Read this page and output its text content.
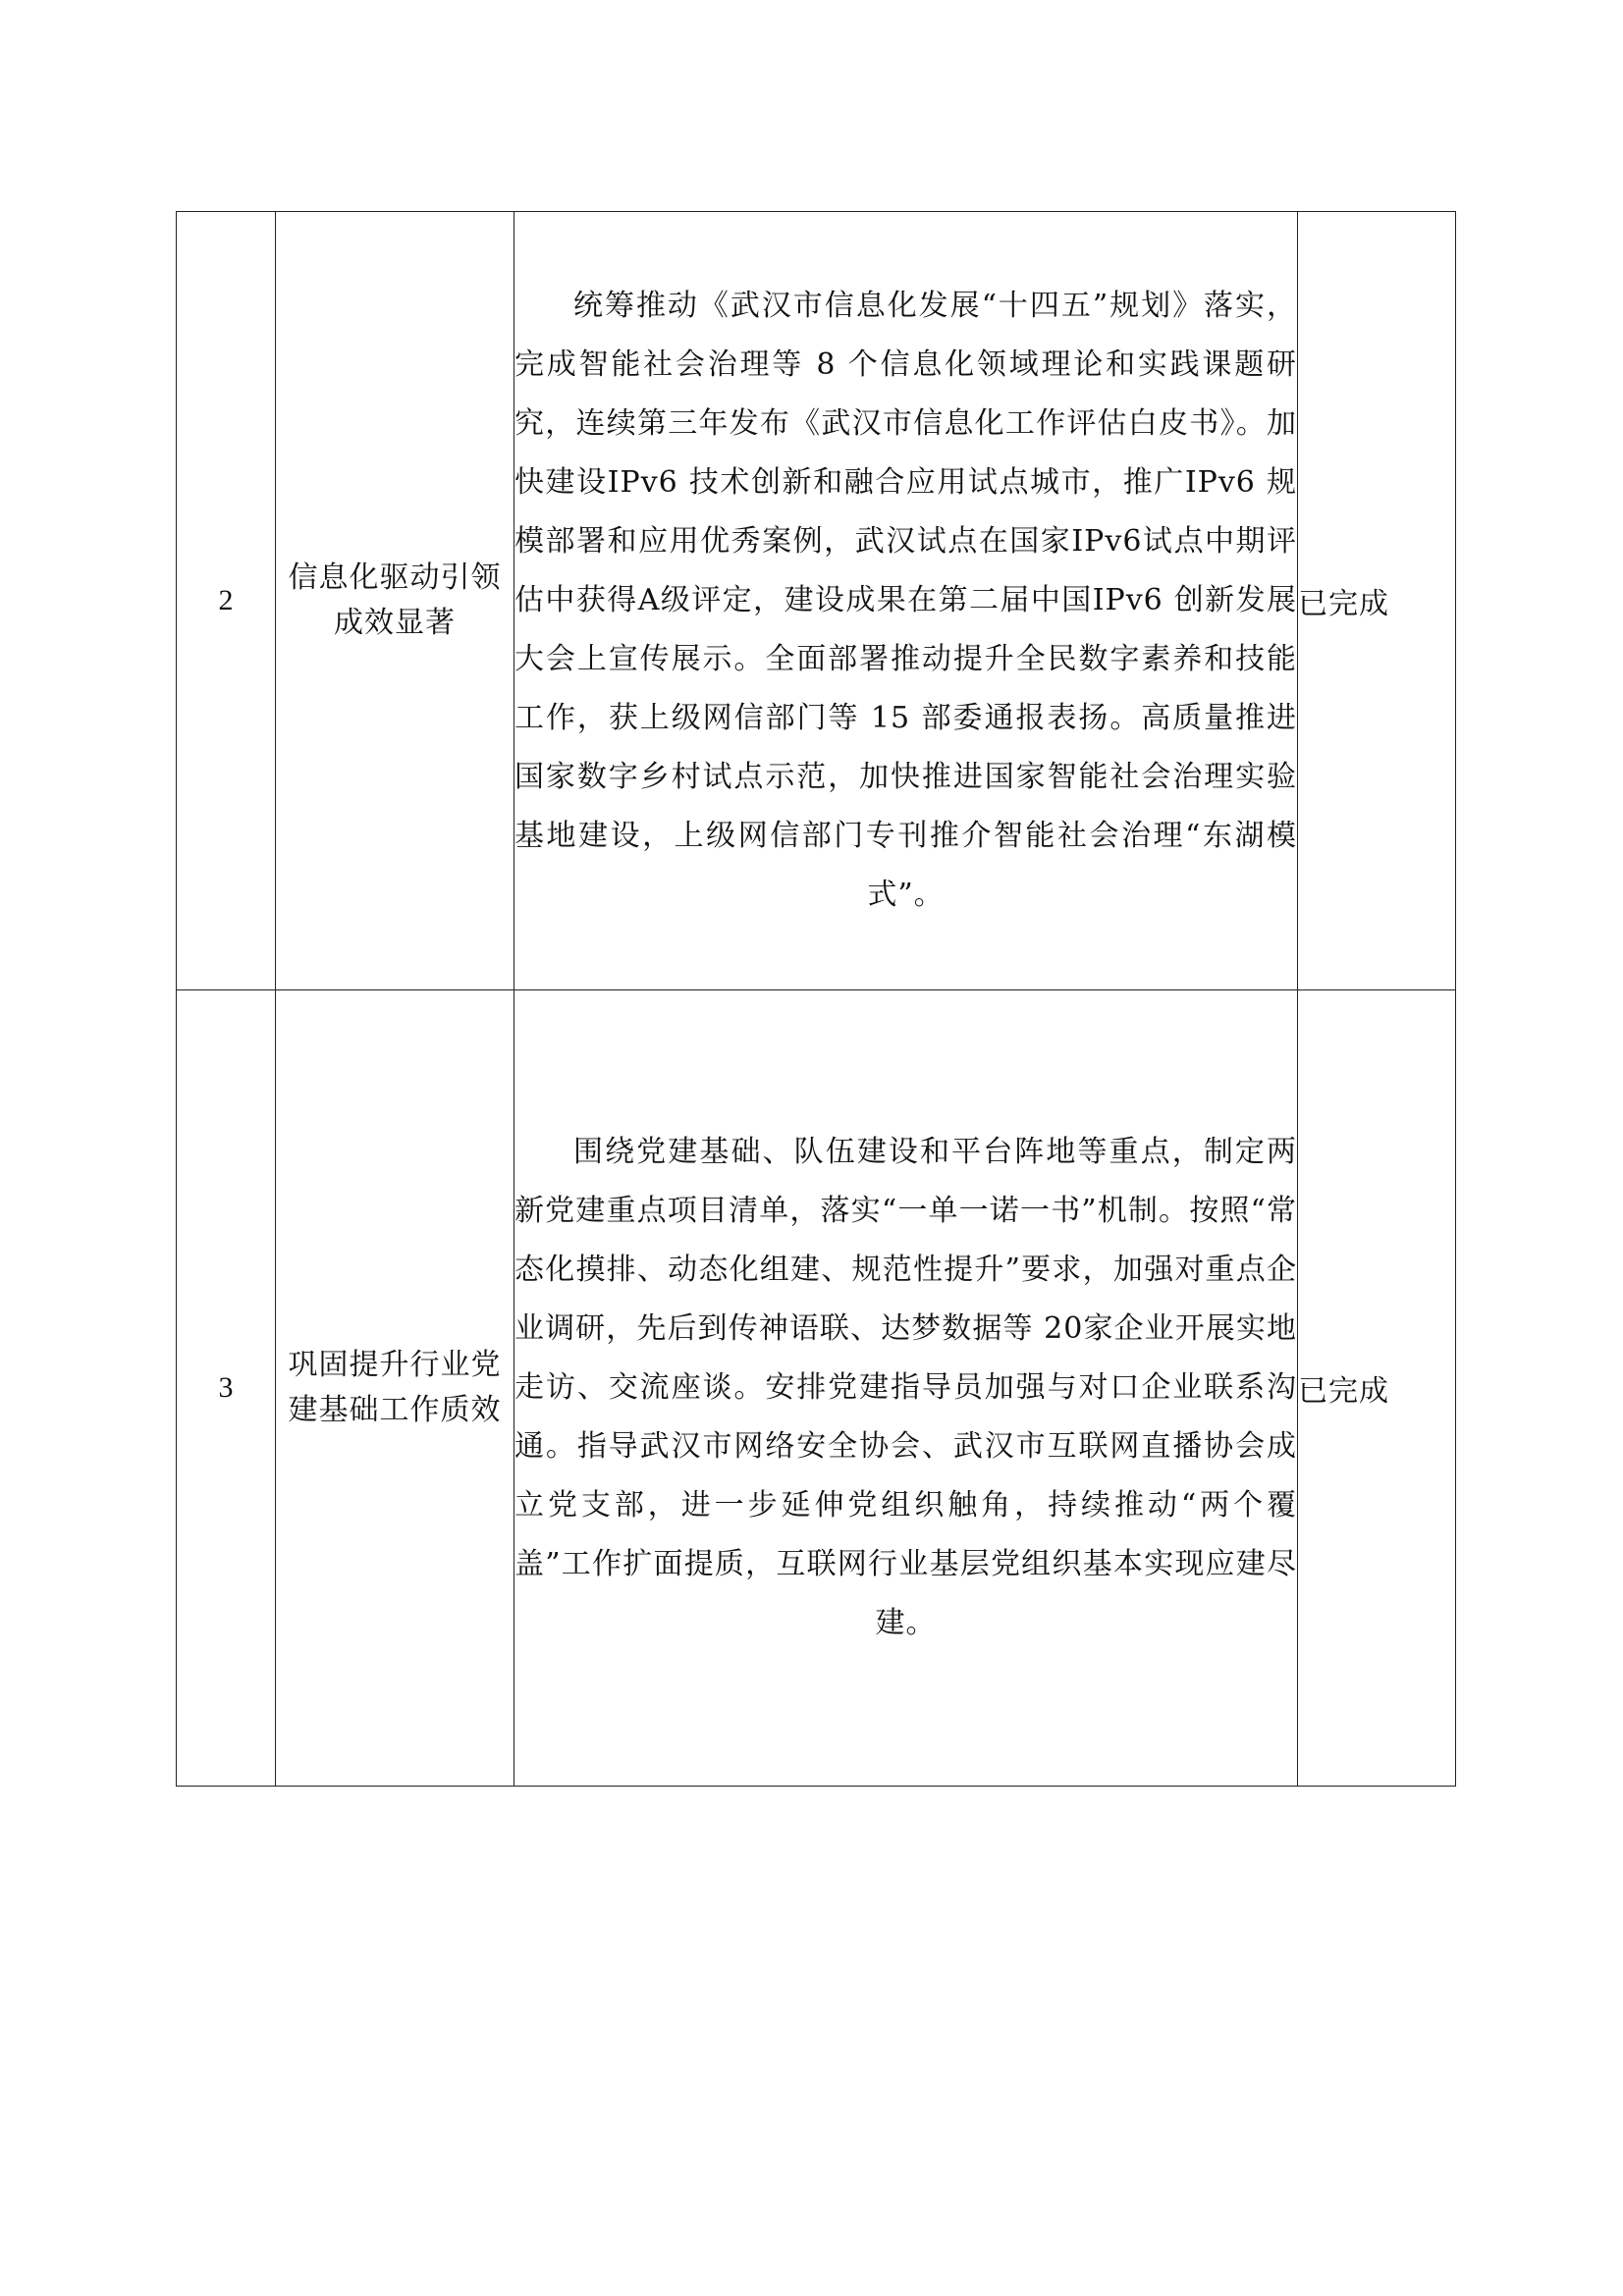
2	信息化驱动引领成效显著	统筹推动《武汉市信息化发展“十四五”规划》落实，完成智能社会治理等 8 个信息化领域理论和实践课题研究，连续第三年发布《武汉市信息化工作评估白皮书》。加快建设IPv6 技术创新和融合应用试点城市，推广IPv6 规模部署和应用优秀案例，武汉试点在国家IPv6试点中期评估中获得A级评定，建设成果在第二届中国IPv6 创新发展大会上宣传展示。全面部署推动提升全民数字素养和技能工作，获上级网信部门等 15 部委通报表扬。高质量推进国家数字乡村试点示范，加快推进国家智能社会治理实验基地建设，上级网信部门专刊推介智能社会治理“东湖模式”。	已完成
3	巩固提升行业党建基础工作质效	围绕党建基础、队伍建设和平台阵地等重点，制定两新党建重点项目清单，落实“一单一诺一书”机制。按照“常态化摸排、动态化组建、规范性提升”要求，加强对重点企业调研，先后到传神语联、达梦数据等 20家企业开展实地走访、交流座谈。安排党建指导员加强与对口企业联系沟通。指导武汉市网络安全协会、武汉市互联网直播协会成立党支部，进一步延伸党组织触角，持续推动“两个覆盖”工作扩面提质，互联网行业基层党组织基本实现应建尽建。	已完成
